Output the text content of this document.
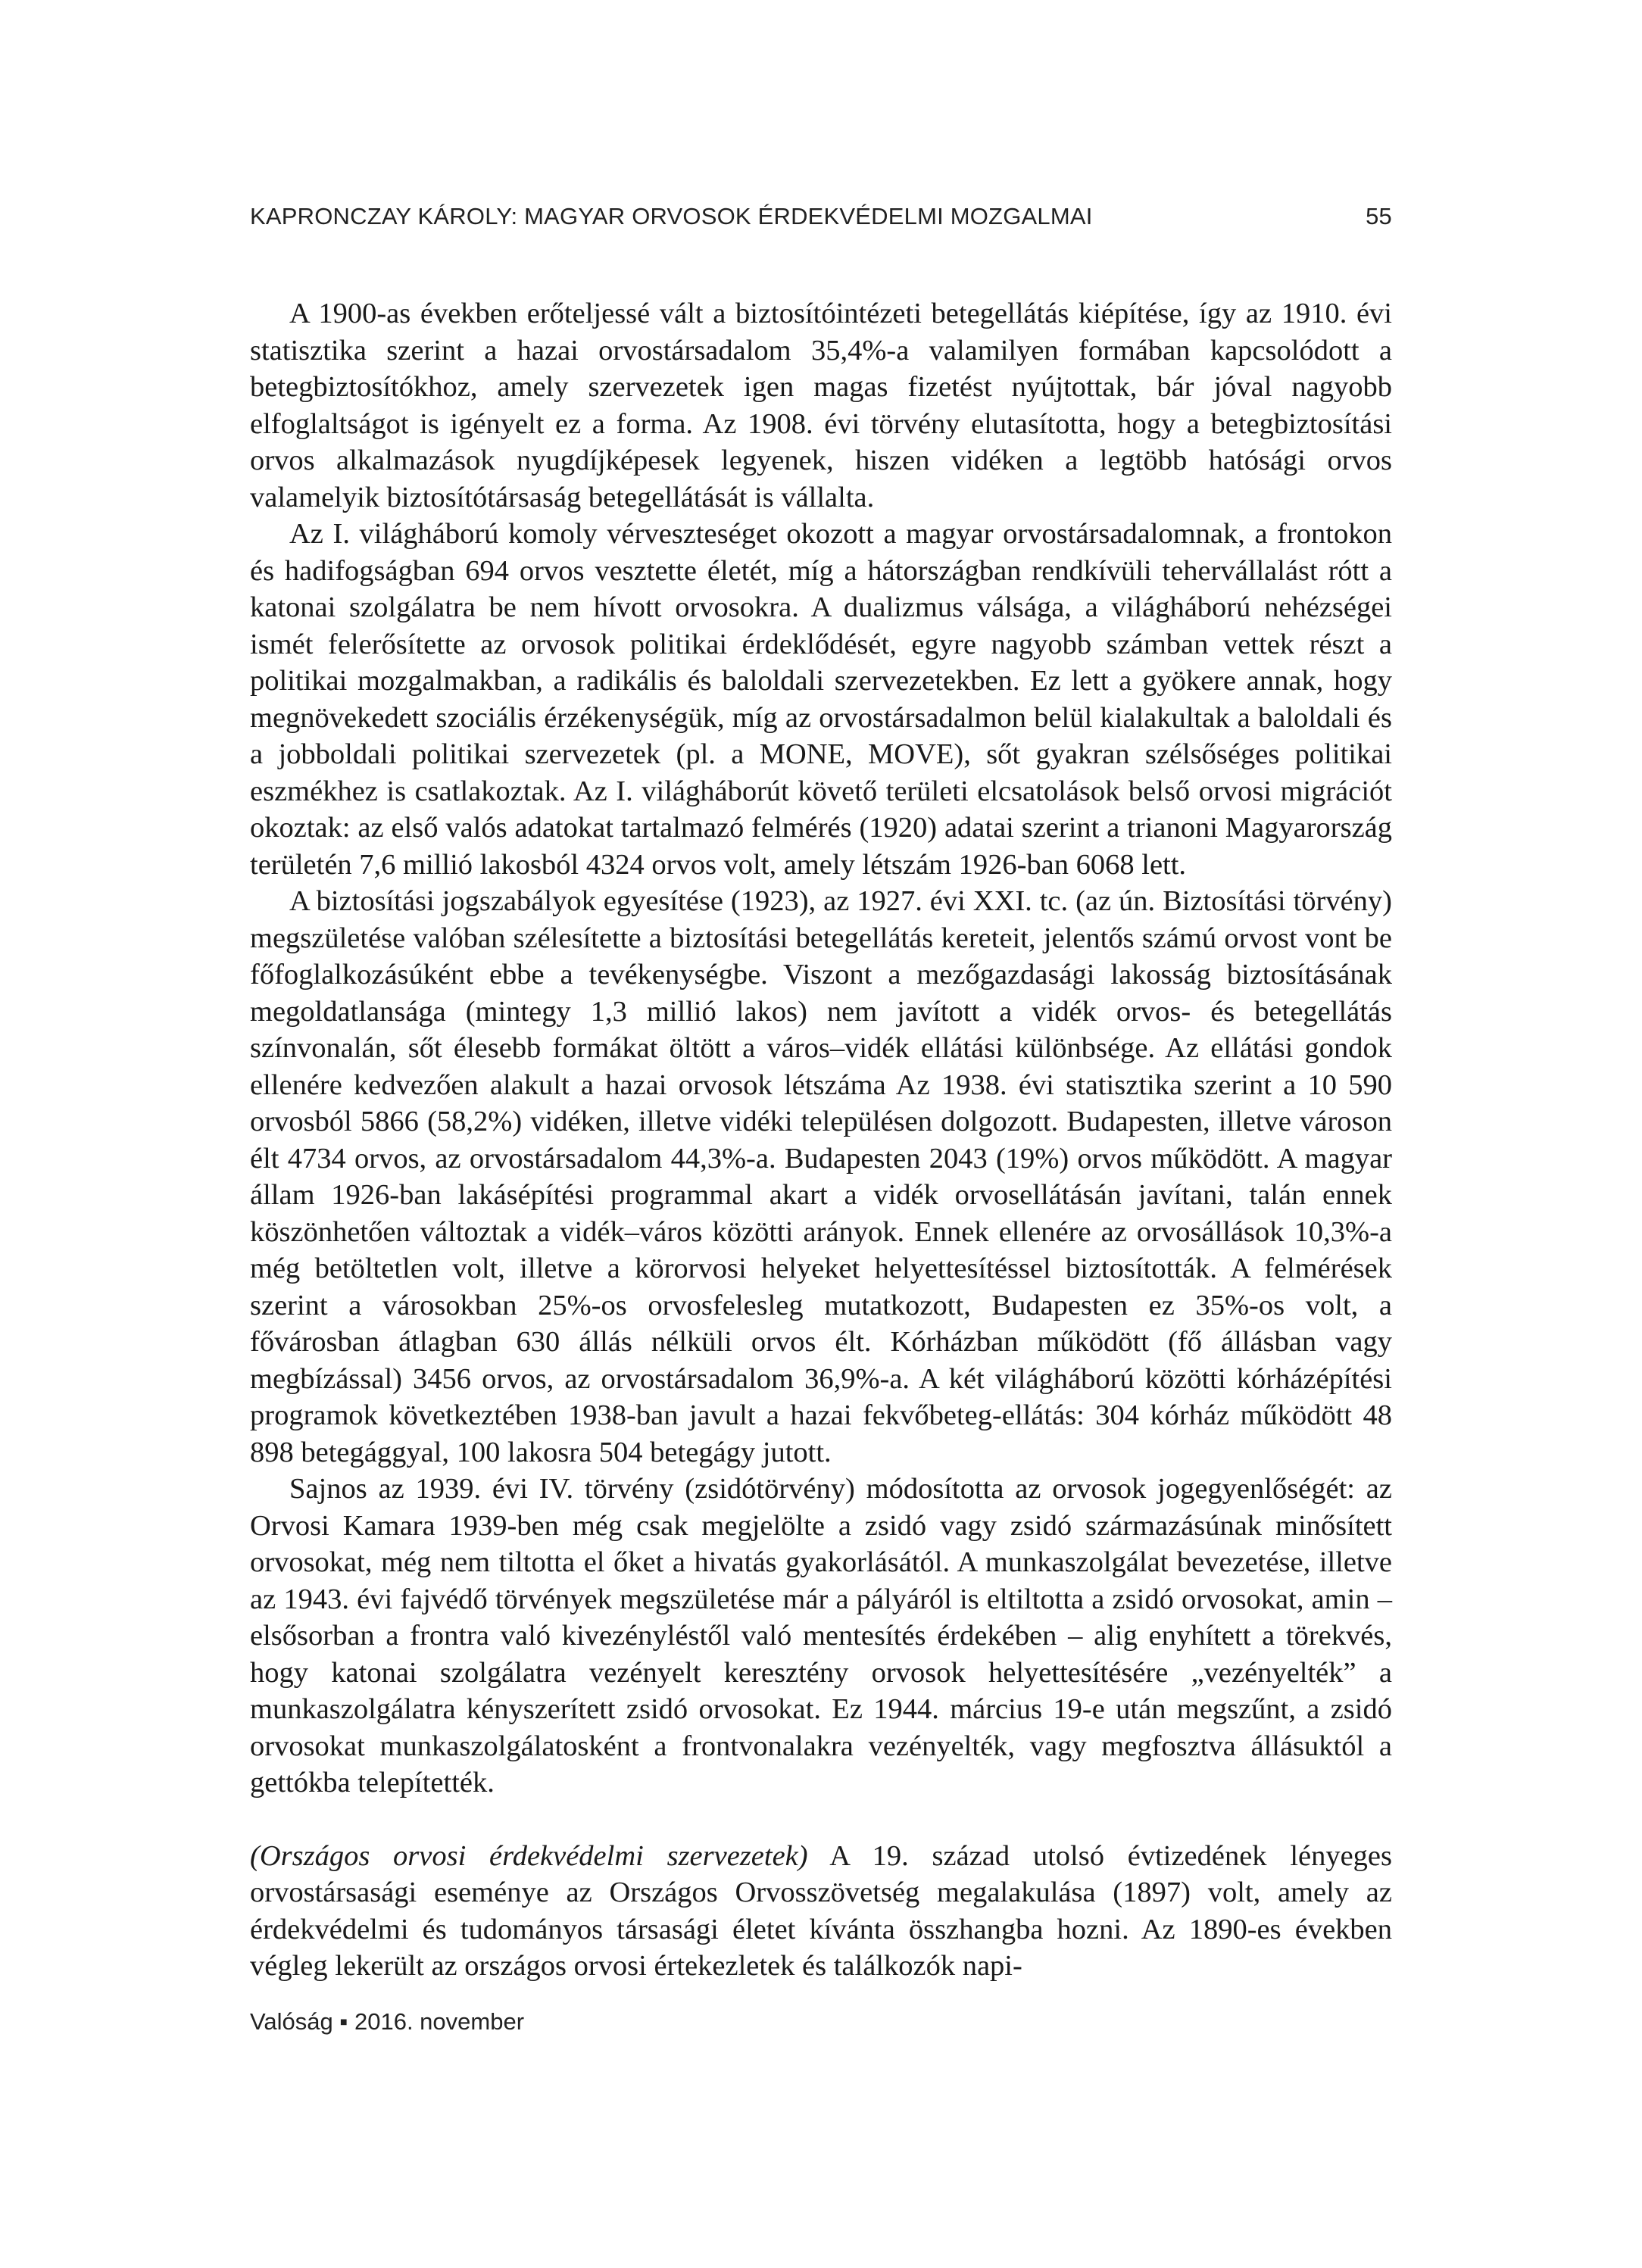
KAPRONCZAY KÁROLY: MAGYAR ORVOSOK ÉRDEKVÉDELMI MOZGALMAI	55

A 1900-as években erőteljessé vált a biztosítóintézeti betegellátás kiépítése, így az 1910. évi statisztika szerint a hazai orvostársadalom 35,4%-a valamilyen formában kapcsolódott a betegbiztosítókhoz, amely szervezetek igen magas fizetést nyújtottak, bár jóval nagyobb elfoglaltságot is igényelt ez a forma. Az 1908. évi törvény elutasította, hogy a betegbiztosítási orvos alkalmazások nyugdíjképesek legyenek, hiszen vidéken a legtöbb hatósági orvos valamelyik biztosítótársaság betegellátását is vállalta.

Az I. világháború komoly vérveszteséget okozott a magyar orvostársadalomnak, a frontokon és hadifogságban 694 orvos vesztette életét, míg a hátországban rendkívüli tehervállalást rótt a katonai szolgálatra be nem hívott orvosokra. A dualizmus válsága, a világháború nehézségei ismét felerősítette az orvosok politikai érdeklődését, egyre nagyobb számban vettek részt a politikai mozgalmakban, a radikális és baloldali szervezetekben. Ez lett a gyökere annak, hogy megnövekedett szociális érzékenységük, míg az orvostársadalmon belül kialakultak a baloldali és a jobboldali politikai szervezetek (pl. a MONE, MOVE), sőt gyakran szélsőséges politikai eszmékhez is csatlakoztak. Az I. világháborút követő területi elcsatolások belső orvosi migrációt okoztak: az első valós adatokat tartalmazó felmérés (1920) adatai szerint a trianoni Magyarország területén 7,6 millió lakosból 4324 orvos volt, amely létszám 1926-ban 6068 lett.

A biztosítási jogszabályok egyesítése (1923), az 1927. évi XXI. tc. (az ún. Biztosítási törvény) megszületése valóban szélesítette a biztosítási betegellátás kereteit, jelentős számú orvost vont be főfoglalkozásúként ebbe a tevékenységbe. Viszont a mezőgazdasági lakosság biztosításának megoldatlansága (mintegy 1,3 millió lakos) nem javított a vidék orvos- és betegellátás színvonalán, sőt élesebb formákat öltött a város–vidék ellátási különbsége. Az ellátási gondok ellenére kedvezően alakult a hazai orvosok létszáma Az 1938. évi statisztika szerint a 10 590 orvosból 5866 (58,2%) vidéken, illetve vidéki településen dolgozott. Budapesten, illetve városon élt 4734 orvos, az orvostársadalom 44,3%-a. Budapesten 2043 (19%) orvos működött. A magyar állam 1926-ban lakásépítési programmal akart a vidék orvosellátásán javítani, talán ennek köszönhetően változtak a vidék–város közötti arányok. Ennek ellenére az orvosállások 10,3%-a még betöltetlen volt, illetve a körorvosi helyeket helyettesítéssel biztosították. A felmérések szerint a városokban 25%-os orvosfelesleg mutatkozott, Budapesten ez 35%-os volt, a fővárosban átlagban 630 állás nélküli orvos élt. Kórházban működött (fő állásban vagy megbízással) 3456 orvos, az orvostársadalom 36,9%-a. A két világháború közötti kórházépítési programok következtében 1938-ban javult a hazai fekvőbeteg-ellátás: 304 kórház működött 48 898 betegággyal, 100 lakosra 504 betegágy jutott.

Sajnos az 1939. évi IV. törvény (zsidótörvény) módosította az orvosok jogegyenlőségét: az Orvosi Kamara 1939-ben még csak megjelölte a zsidó vagy zsidó származásúnak minősített orvosokat, még nem tiltotta el őket a hivatás gyakorlásától. A munkaszolgálat bevezetése, illetve az 1943. évi fajvédő törvények megszületése már a pályáról is eltiltotta a zsidó orvosokat, amin – elsősorban a frontra való kivezényléstől való mentesítés érdekében – alig enyhített a törekvés, hogy katonai szolgálatra vezényelt keresztény orvosok helyettesítésére „vezényelték” a munkaszolgálatra kényszerített zsidó orvosokat. Ez 1944. március 19-e után megszűnt, a zsidó orvosokat munkaszolgálatosként a frontvonalakra vezényelték, vagy megfosztva állásuktól a gettókba telepítették.

(Országos orvosi érdekvédelmi szervezetek) A 19. század utolsó évtizedének lényeges orvostársasági eseménye az Országos Orvosszövetség megalakulása (1897) volt, amely az érdekvédelmi és tudományos társasági életet kívánta összhangba hozni. Az 1890-es években végleg lekerült az országos orvosi értekezletek és találkozók napi-

Valóság ▪ 2016. november
